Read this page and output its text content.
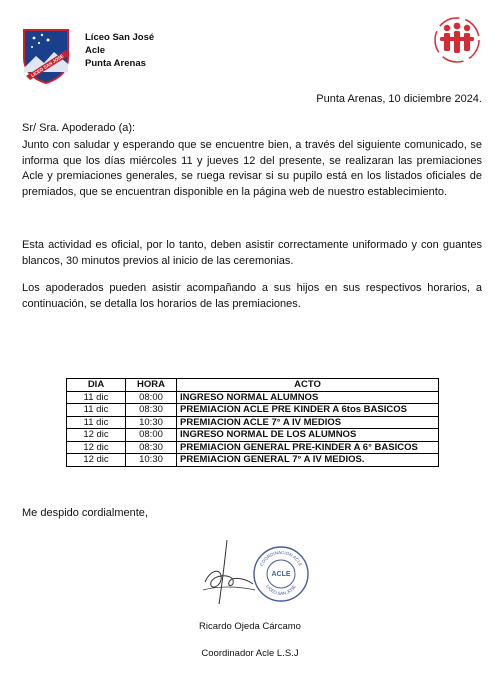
LICEO SAN JOSE
Líceo San José
Acle
Punta Arenas
Punta Arenas, 10 diciembre 2024.
Sr/ Sra. Apoderado (a):
Junto con saludar y esperando que se encuentre bien, a través del siguiente comunicado, se informa que los días miércoles 11 y jueves 12 del presente, se realizaran las premiaciones Acle y premiaciones generales, se ruega revisar si su pupilo está en los listados oficiales de premiados, que se encuentran disponible en la página web de nuestro establecimiento.
Esta actividad es oficial, por lo tanto, deben asistir correctamente uniformado y con guantes blancos, 30 minutos previos al inicio de las ceremonias.
Los apoderados pueden asistir acompañando a sus hijos en sus respectivos horarios, a continuación, se detalla los horarios de las premiaciones.
DIA	HORA	ACTO
11 dic	08:00	INGRESO NORMAL ALUMNOS
11 dic	08:30	PREMIACION ACLE PRE KINDER A 6tos BASICOS
11 dic	10:30	PREMIACION ACLE 7° A IV MEDIOS
12 dic	08:00	INGRESO NORMAL DE LOS ALUMNOS
12 dic	08:30	PREMIACION GENERAL PRE-KINDER A 6° BASICOS
12 dic	10:30	PREMIACION GENERAL 7° A IV MEDIOS.
Me despido cordialmente,
COORDINACION ACLE
LICEO SAN JOSE
ACLE
Ricardo Ojeda Cárcamo
Coordinador Acle L.S.J
